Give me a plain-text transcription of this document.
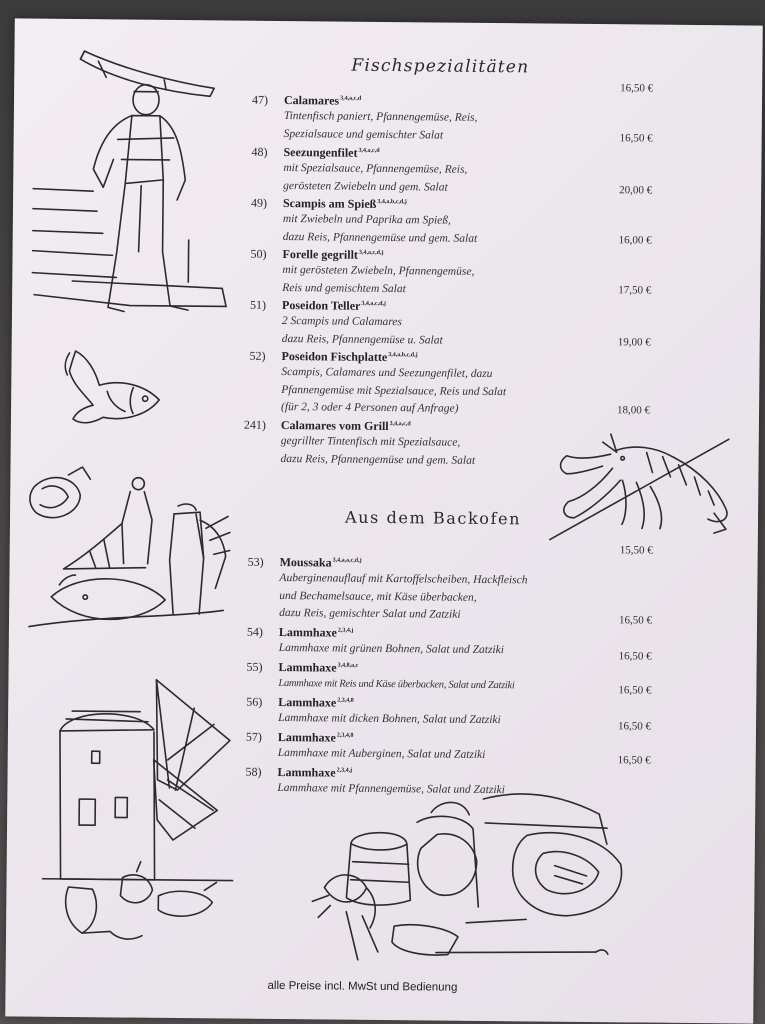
Fischspezialitäten
Aus dem Backofen
47) Calamares$^{3,4,a,c,d}$
Tintenfisch paniert, Pfannengemüse, Reis,
Spezialsauce und gemischter Salat
16,50 €
48) Seezungenfilet$^{3,4,a,c,d}$
mit Spezialsauce, Pfannengemüse, Reis,
gerösteten Zwiebeln und gem. Salat
16,50 €
49) Scampis am Spieß$^{3,4,a,b,c,d,j}$
mit Zwiebeln und Paprika am Spieß,
dazu Reis, Pfannengemüse und gem. Salat
20,00 €
50) Forelle gegrillt$^{3,4,a,c,d,j}$
mit gerösteten Zwiebeln, Pfannengemüse,
Reis und gemischtem Salat
16,00 €
51) Poseidon Teller$^{3,4,a,c,d,j}$
2 Scampis und Calamares
dazu Reis, Pfannengemüse u. Salat
17,50 €
52) Poseidon Fischplatte$^{3,4,a,b,c,d,j}$
Scampis, Calamares und Seezungenfilet, dazu
Pfannengemüse mit Spezialsauce, Reis und Salat
(für 2, 3 oder 4 Personen auf Anfrage)
19,00 €
241) Calamares vom Grill$^{3,4,a,c,d}$
gegrillter Tintenfisch mit Spezialsauce,
dazu Reis, Pfannengemüse und gem. Salat
18,00 €
53) Moussaka$^{3,4,a,a,c,d,j}$
Auberginenauflauf mit Kartoffelscheiben, Hackfleisch
und Bechamelsauce, mit Käse überbacken,
dazu Reis, gemischter Salat und Zatziki
15,50 €
54) Lammhaxe$^{2,3,4,j}$
Lammhaxe mit grünen Bohnen, Salat und Zatziki
16,50 €
55) Lammhaxe$^{3,4,8,a,c}$
Lammhaxe mit Reis und Käse überbacken, Salat und Zatziki
16,50 €
56) Lammhaxe$^{2,3,4,8}$
Lammhaxe mit dicken Bohnen, Salat und Zatziki
16,50 €
57) Lammhaxe$^{2,3,4,8}$
Lammhaxe mit Auberginen, Salat und Zatziki
16,50 €
58) Lammhaxe$^{2,3,4,j}$
Lammhaxe mit Pfannengemüse, Salat und Zatziki
16,50 €
alle Preise incl. MwSt und Bedienung
